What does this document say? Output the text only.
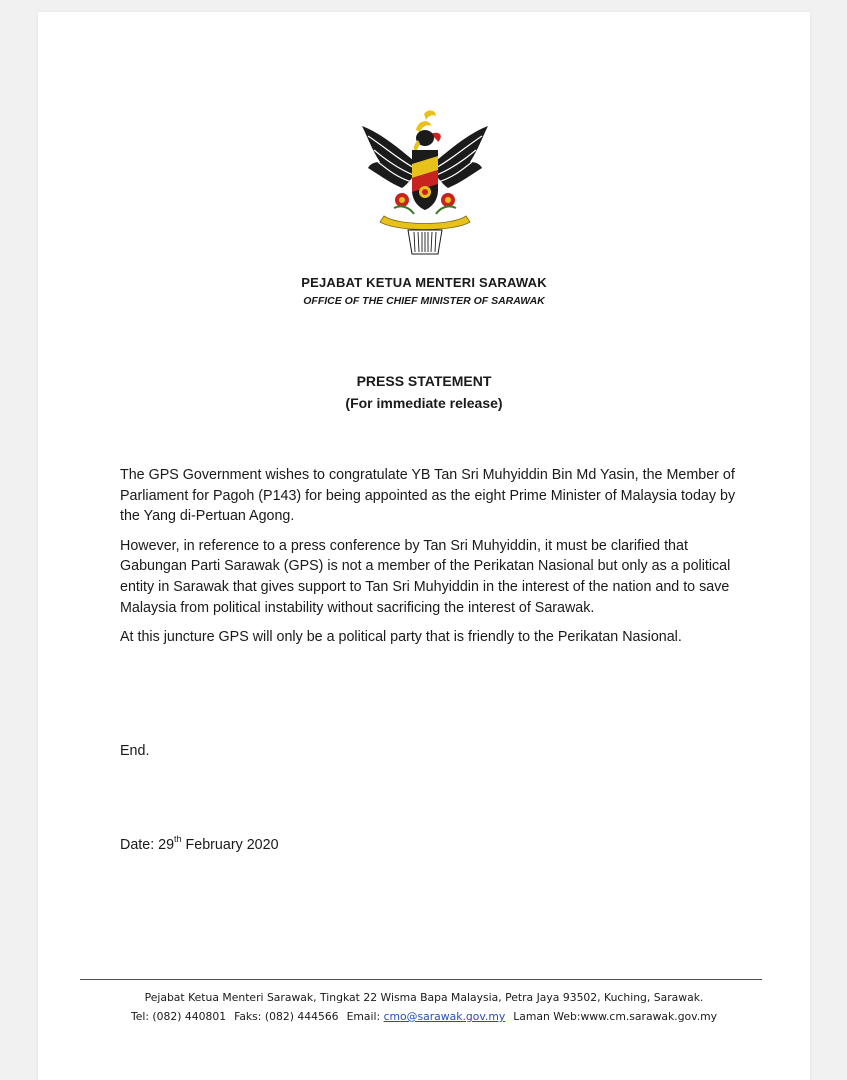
PEJABAT KETUA MENTERI SARAWAK
OFFICE OF THE CHIEF MINISTER OF SARAWAK
PRESS STATEMENT
(For immediate release)

The GPS Government wishes to congratulate YB Tan Sri Muhyiddin Bin Md Yasin, the Member of Parliament for Pagoh (P143) for being appointed as the eight Prime Minister of Malaysia today by the Yang di-Pertuan Agong.

However, in reference to a press conference by Tan Sri Muhyiddin, it must be clarified that Gabungan Parti Sarawak (GPS) is not a member of the Perikatan Nasional but only as a political entity in Sarawak that gives support to Tan Sri Muhyiddin in the interest of the nation and to save Malaysia from political instability without sacrificing the interest of Sarawak.

At this juncture GPS will only be a political party that is friendly to the Perikatan Nasional.

End.
Date: 29th February 2020
Pejabat Ketua Menteri Sarawak, Tingkat 22 Wisma Bapa Malaysia, Petra Jaya 93502, Kuching, Sarawak.
Tel: (082) 440801 Faks: (082) 444566 Email: cmo@sarawak.gov.my Laman Web:www.cm.sarawak.gov.my
